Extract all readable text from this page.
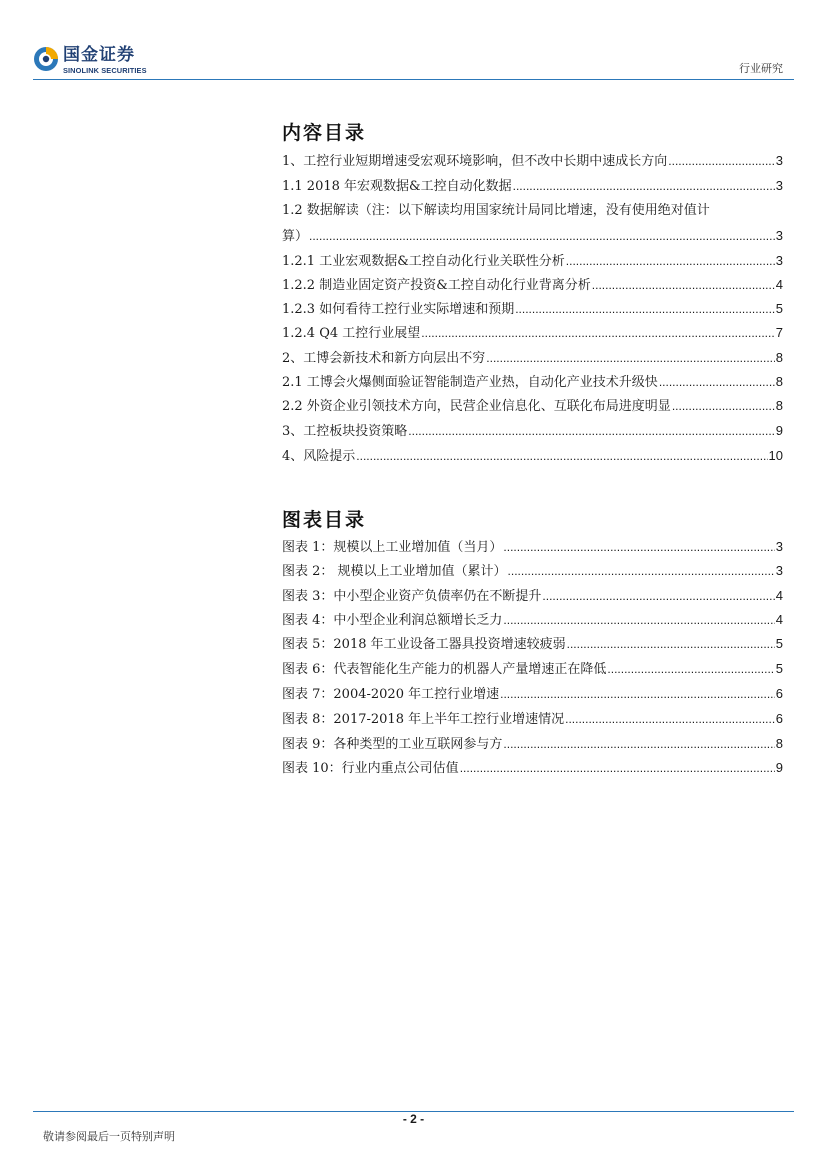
国金证券
SINOLINK SECURITIES	行业研究
内容目录
1、工控行业短期增速受宏观环境影响，但不改中长期中速成长方向 .....	3
1.1 2018 年宏观数据&工控自动化数据 .....	3
1.2 数据解读（注：以下解读均用国家统计局同比增速，没有使用绝对值计
算） .....	3
1.2.1 工业宏观数据&工控自动化行业关联性分析 .....	3
1.2.2 制造业固定资产投资&工控自动化行业背离分析 .....	4
1.2.3 如何看待工控行业实际增速和预期 .....	5
1.2.4 Q4 工控行业展望 .....	7
2、工博会新技术和新方向层出不穷 .....	8
2.1 工博会火爆侧面验证智能制造产业热，自动化产业技术升级快 .....	8
2.2 外资企业引领技术方向，民营企业信息化、互联化布局进度明显 .....	8
3、工控板块投资策略 .....	9
4、风险提示 .....	10
图表目录
图表 1：规模以上工业增加值（当月） .....	3
图表 2： 规模以上工业增加值（累计） .....	3
图表 3：中小型企业资产负债率仍在不断提升 .....	4
图表 4：中小型企业利润总额增长乏力 .....	4
图表 5：2018 年工业设备工器具投资增速较疲弱 .....	5
图表 6：代表智能化生产能力的机器人产量增速正在降低 .....	5
图表 7：2004-2020 年工控行业增速 .....	6
图表 8：2017-2018 年上半年工控行业增速情况 .....	6
图表 9：各种类型的工业互联网参与方 .....	8
图表 10：行业内重点公司估值 .....	9
- 2 -
敬请参阅最后一页特别声明
